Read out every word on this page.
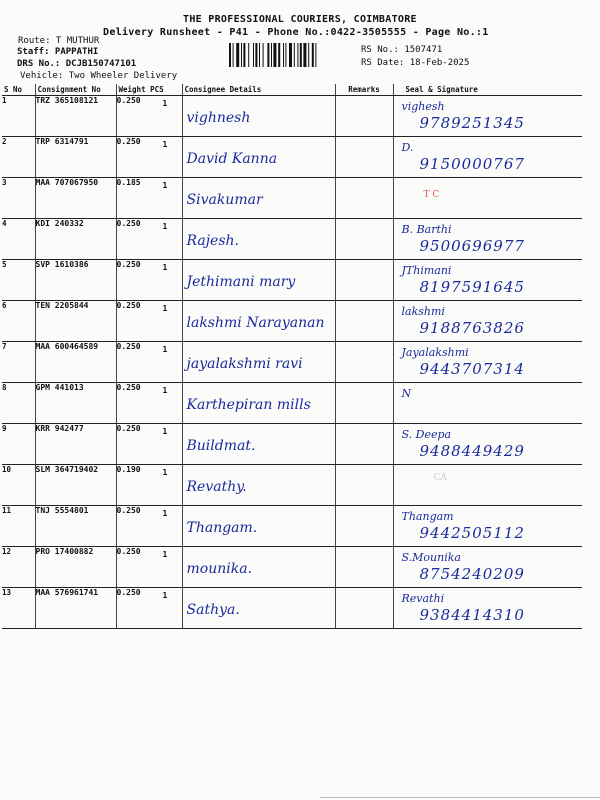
THE PROFESSIONAL COURIERS, COIMBATORE
Delivery Runsheet - P41 - Phone No.:0422-3505555 - Page No.:1
Route: T MUTHUR
Staff: PAPPATHI
DRS No.: DCJB150747101
Vehicle: Two Wheeler Delivery
RS No.: 1507471
RS Date: 18-Feb-2025
S No	Consignment No	Weight PCS	Consignee Details	Remarks	Seal & Signature
1	TRZ 365108121	0.250 1	vighnesh		vighesh
9789251345

2	TRP 6314791	0.250 1	David Kanna		D.
9150000767

3	MAA 707067950	0.185 1	Sivakumar		T C

4	KDI 240332	0.250 1	Rajesh.		B. Barthi
9500696977

5	SVP 1610386	0.250 1	Jethimani mary		JThimani
8197591645

6	TEN 2205844	0.250 1	lakshmi Narayanan		lakshmi
9188763826

7	MAA 600464589	0.250 1	jayalakshmi ravi		Jayalakshmi
9443707314

8	GPM 441013	0.250 1	Karthepiran mills		N

9	KRR 942477	0.250 1	Buildmat.		S. Deepa
9488449429

10	SLM 364719402	0.190 1	Revathy.		CA

11	TNJ 5554801	0.250 1	Thangam.		Thangam
9442505112

12	PRO 17400882	0.250 1	mounika.		S.Mounika
8754240209

13	MAA 576961741	0.250 1	Sathya.		Revathi
9384414310
